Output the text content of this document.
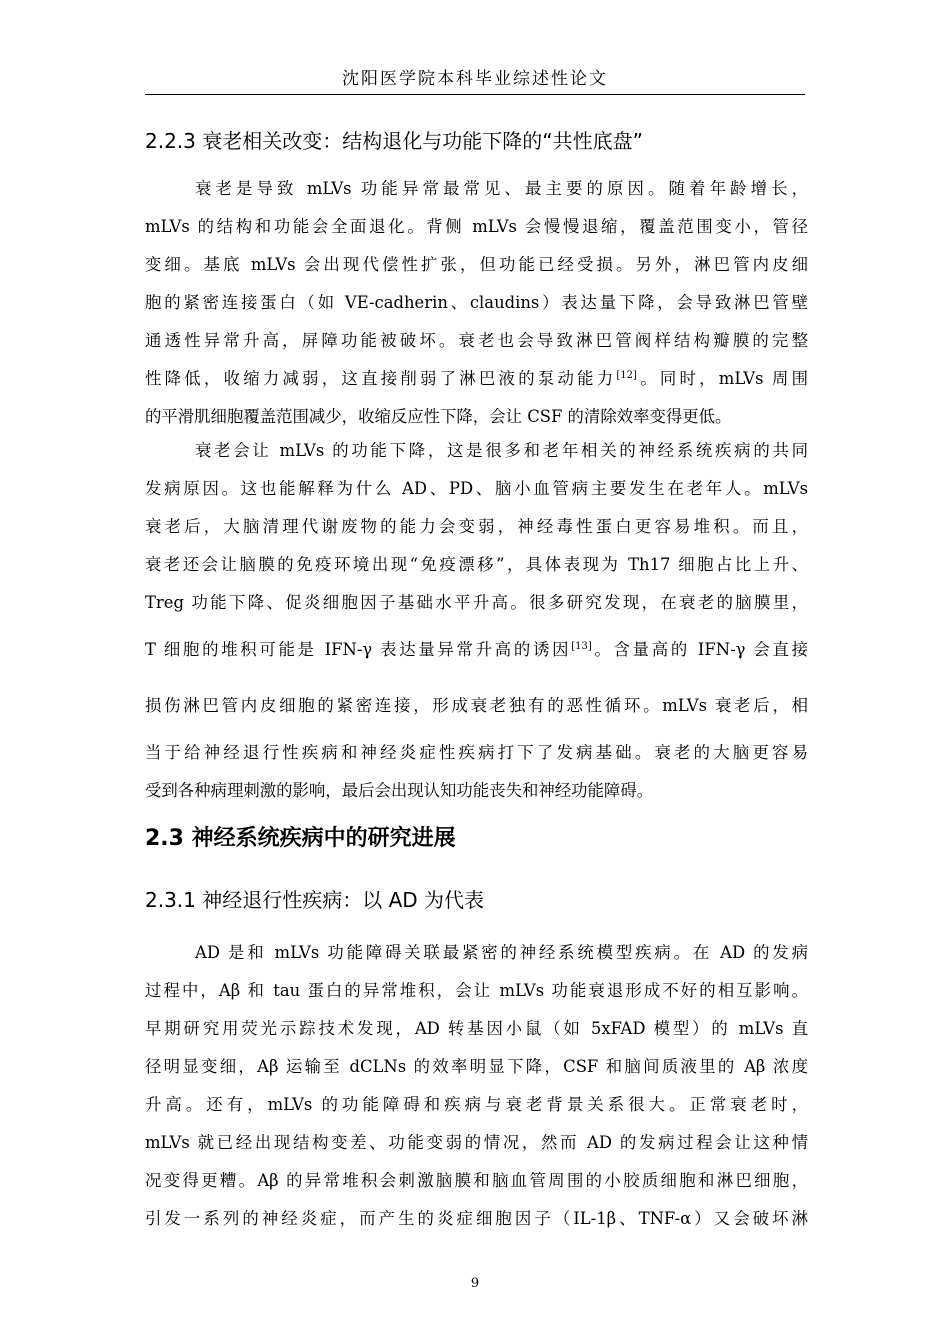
沈阳医学院本科毕业综述性论文
2.2.3 衰老相关改变：结构退化与功能下降的“共性底盘”
衰老是导致 mLVs 功能异常最常见、最主要的原因。随着年龄增长，
mLVs 的结构和功能会全面退化。背侧 mLVs 会慢慢退缩，覆盖范围变小，管径
变细。基底 mLVs 会出现代偿性扩张，但功能已经受损。另外，淋巴管内皮细
胞的紧密连接蛋白（如 VE-cadherin、claudins）表达量下降，会导致淋巴管壁
通透性异常升高，屏障功能被破坏。衰老也会导致淋巴管阀样结构瓣膜的完整
性降低，收缩力减弱，这直接削弱了淋巴液的泵动能力[12]。同时，mLVs 周围
的平滑肌细胞覆盖范围减少，收缩反应性下降，会让 CSF 的清除效率变得更低。
衰老会让 mLVs 的功能下降，这是很多和老年相关的神经系统疾病的共同
发病原因。这也能解释为什么 AD、PD、脑小血管病主要发生在老年人。mLVs
衰老后，大脑清理代谢废物的能力会变弱，神经毒性蛋白更容易堆积。而且，
衰老还会让脑膜的免疫环境出现“免疫漂移”，具体表现为 Th17 细胞占比上升、
Treg 功能下降、促炎细胞因子基础水平升高。很多研究发现，在衰老的脑膜里，
T 细胞的堆积可能是 IFN-γ 表达量异常升高的诱因[13]。含量高的 IFN-γ 会直接
损伤淋巴管内皮细胞的紧密连接，形成衰老独有的恶性循环。mLVs 衰老后，相
当于给神经退行性疾病和神经炎症性疾病打下了发病基础。衰老的大脑更容易
受到各种病理刺激的影响，最后会出现认知功能丧失和神经功能障碍。
2.3 神经系统疾病中的研究进展
2.3.1 神经退行性疾病：以 AD 为代表
AD 是和 mLVs 功能障碍关联最紧密的神经系统模型疾病。在 AD 的发病
过程中，Aβ 和 tau 蛋白的异常堆积，会让 mLVs 功能衰退形成不好的相互影响。
早期研究用荧光示踪技术发现，AD 转基因小鼠（如 5xFAD 模型）的 mLVs 直
径明显变细，Aβ 运输至 dCLNs 的效率明显下降，CSF 和脑间质液里的 Aβ 浓度
升高。还有，mLVs 的功能障碍和疾病与衰老背景关系很大。正常衰老时，
mLVs 就已经出现结构变差、功能变弱的情况，然而 AD 的发病过程会让这种情
况变得更糟。Aβ 的异常堆积会刺激脑膜和脑血管周围的小胶质细胞和淋巴细胞，
引发一系列的神经炎症，而产生的炎症细胞因子（IL-1β、TNF-α）又会破坏淋
9
